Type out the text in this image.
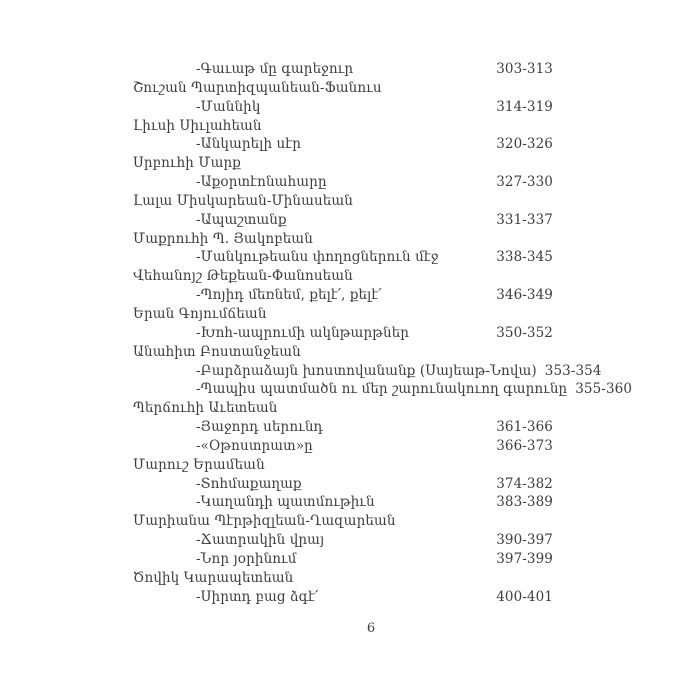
-Գաւաթ մը գարեջուր	303-313
Շուշան Պարտիզպանեան-Ֆանուս
-Մաննիկ	314-319
Լիւսի Սիւլահեան
-Անկարելի սէր	320-326
Սրբուհի Մարք
-Աքօրտէոնահարը	327-330
Լալա Միսկարեան-Մինասեան
-Ապաշտանք	331-337
Մաքրուհի Պ. Յակոբեան
-Մանկութեանս փողոցներուն մէջ	338-345
Վեհանոյշ Թեքեան-Փանոսեան
-Պոյիդ մեռնեմ, քելէ՛, քելէ՛	346-349
Երան Գոյումճեան
-Խոհ-ապրումի ակնթարթներ	350-352
Անահիտ Բոստանջեան
-Բարձրաձայն խոստովանանք (Սայեաթ-Նովա) 353-354
-Պապիս պատմածն ու մեր շարունակուող գարունը 355-360
Պերճուհի Աւետեան
-Յաջորդ սերունդ	361-366
-«Օթոստրատ»ը	366-373
Մարուշ Երամեան
-Տոհմաքաղաք	374-382
-Կաղանդի պատմութիւն	383-389
Մարիանա Պէրթիզլեան-Ղազարեան
-Ճատրակին վրայ	390-397
-Նոր յօրինում	397-399
Ծովիկ Կարապետեան
-Սիրտդ բաց ձգէ՛	400-401
6
